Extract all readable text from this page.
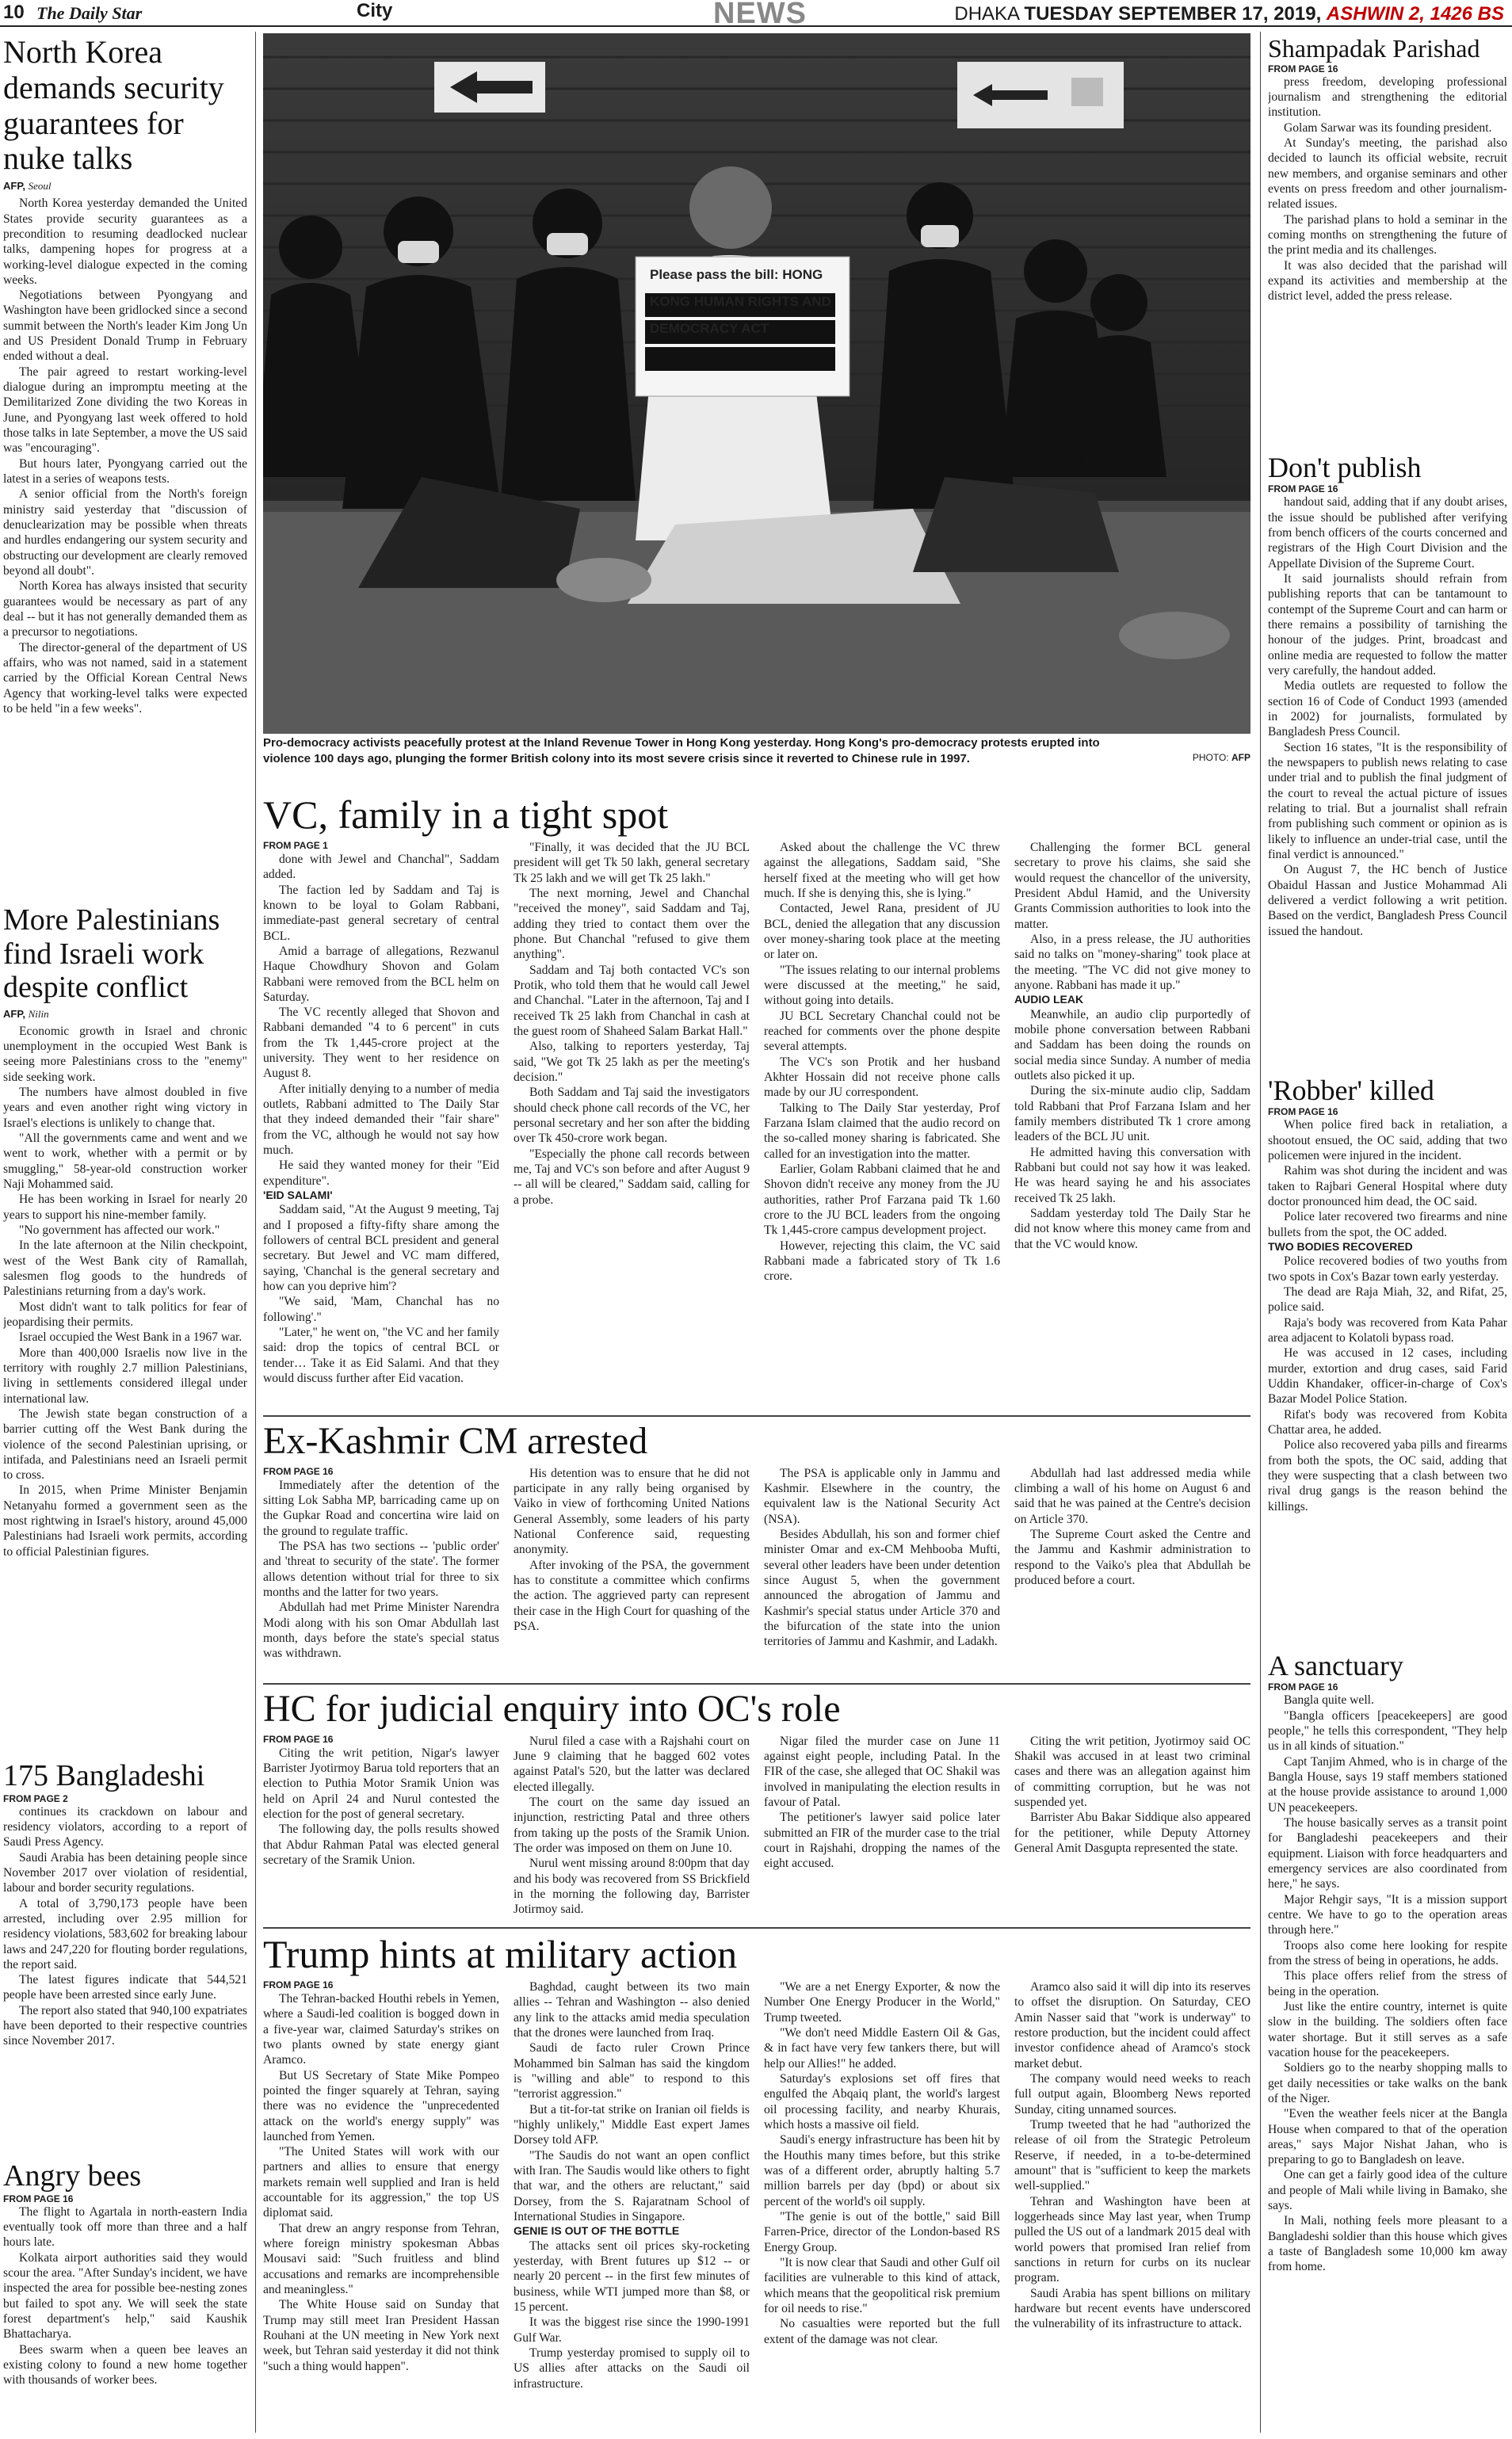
10 The Daily Star	City	NEWS	DHAKA TUESDAY SEPTEMBER 17, 2019, ASHWIN 2, 1426 BS
North Korea demands security guarantees for nuke talks
AFP, Seoul

North Korea yesterday demanded the United States provide security guarantees as a precondition to resuming deadlocked nuclear talks, dampening hopes for progress at a working-level dialogue expected in the coming weeks.

Negotiations between Pyongyang and Washington have been gridlocked since a second summit between the North's leader Kim Jong Un and US President Donald Trump in February ended without a deal.

The pair agreed to restart working-level dialogue during an impromptu meeting at the Demilitarized Zone dividing the two Koreas in June, and Pyongyang last week offered to hold those talks in late September, a move the US said was "encouraging".

But hours later, Pyongyang carried out the latest in a series of weapons tests.

A senior official from the North's foreign ministry said yesterday that "discussion of denuclearization may be possible when threats and hurdles endangering our system security and obstructing our development are clearly removed beyond all doubt".

North Korea has always insisted that security guarantees would be necessary as part of any deal -- but it has not generally demanded them as a precursor to negotiations.

The director-general of the department of US affairs, who was not named, said in a statement carried by the Official Korean Central News Agency that working-level talks were expected to be held "in a few weeks".

More Palestinians find Israeli work despite conflict
AFP, Nilin

Economic growth in Israel and chronic unemployment in the occupied West Bank is seeing more Palestinians cross to the "enemy" side seeking work.

The numbers have almost doubled in five years and even another right wing victory in Israel's elections is unlikely to change that.

"All the governments came and went and we went to work, whether with a permit or by smuggling," 58-year-old construction worker Naji Mohammed said.

He has been working in Israel for nearly 20 years to support his nine-member family.

"No government has affected our work."

In the late afternoon at the Nilin checkpoint, west of the West Bank city of Ramallah, salesmen flog goods to the hundreds of Palestinians returning from a day's work.

Most didn't want to talk politics for fear of jeopardising their permits.

Israel occupied the West Bank in a 1967 war.

More than 400,000 Israelis now live in the territory with roughly 2.7 million Palestinians, living in settlements considered illegal under international law.

The Jewish state began construction of a barrier cutting off the West Bank during the violence of the second Palestinian uprising, or intifada, and Palestinians need an Israeli permit to cross.

In 2015, when Prime Minister Benjamin Netanyahu formed a government seen as the most rightwing in Israel's history, around 45,000 Palestinians had Israeli work permits, according to official Palestinian figures.

175 Bangladeshi
FROM PAGE 2

continues its crackdown on labour and residency violators, according to a report of Saudi Press Agency.

Saudi Arabia has been detaining people since November 2017 over violation of residential, labour and border security regulations.

A total of 3,790,173 people have been arrested, including over 2.95 million for residency violations, 583,602 for breaking labour laws and 247,220 for flouting border regulations, the report said.

The latest figures indicate that 544,521 people have been arrested since early June.

The report also stated that 940,100 expatriates have been deported to their respective countries since November 2017.

Angry bees
FROM PAGE 16

The flight to Agartala in north-eastern India eventually took off more than three and a half hours late.

Kolkata airport authorities said they would scour the area. "After Sunday's incident, we have inspected the area for possible bee-nesting zones but failed to spot any. We will seek the state forest department's help," said Kaushik Bhattacharya.

Bees swarm when a queen bee leaves an existing colony to found a new home together with thousands of worker bees.

Please pass the bill: HONG KONG HUMAN RIGHTS AND DEMOCRACY ACT
Pro-democracy activists peacefully protest at the Inland Revenue Tower in Hong Kong yesterday. Hong Kong's pro-democracy protests erupted into violence 100 days ago, plunging the former British colony into its most severe crisis since it reverted to Chinese rule in 1997.	PHOTO: AFP
VC, family in a tight spot
FROM PAGE 1

done with Jewel and Chanchal", Saddam added.

The faction led by Saddam and Taj is known to be loyal to Golam Rabbani, immediate-past general secretary of central BCL.

Amid a barrage of allegations, Rezwanul Haque Chowdhury Shovon and Golam Rabbani were removed from the BCL helm on Saturday.

The VC recently alleged that Shovon and Rabbani demanded "4 to 6 percent" in cuts from the Tk 1,445-crore project at the university. They went to her residence on August 8.

After initially denying to a number of media outlets, Rabbani admitted to The Daily Star that they indeed demanded their "fair share" from the VC, although he would not say how much.

He said they wanted money for their "Eid expenditure".

'EID SALAMI'

Saddam said, "At the August 9 meeting, Taj and I proposed a fifty-fifty share among the followers of central BCL president and general secretary. But Jewel and VC mam differed, saying, 'Chanchal is the general secretary and how can you deprive him'?

"We said, 'Mam, Chanchal has no following'."

"Later," he went on, "the VC and her family said: drop the topics of central BCL or tender… Take it as Eid Salami. And that they would discuss further after Eid vacation.

"Finally, it was decided that the JU BCL president will get Tk 50 lakh, general secretary Tk 25 lakh and we will get Tk 25 lakh."

The next morning, Jewel and Chanchal "received the money", said Saddam and Taj, adding they tried to contact them over the phone. But Chanchal "refused to give them anything".

Saddam and Taj both contacted VC's son Protik, who told them that he would call Jewel and Chanchal. "Later in the afternoon, Taj and I received Tk 25 lakh from Chanchal in cash at the guest room of Shaheed Salam Barkat Hall."

Also, talking to reporters yesterday, Taj said, "We got Tk 25 lakh as per the meeting's decision."

Both Saddam and Taj said the investigators should check phone call records of the VC, her personal secretary and her son after the bidding over Tk 450-crore work began.

"Especially the phone call records between me, Taj and VC's son before and after August 9 -- all will be cleared," Saddam said, calling for a probe.

Asked about the challenge the VC threw against the allegations, Saddam said, "She herself fixed at the meeting who will get how much. If she is denying this, she is lying."

Contacted, Jewel Rana, president of JU BCL, denied the allegation that any discussion over money-sharing took place at the meeting or later on.

"The issues relating to our internal problems were discussed at the meeting," he said, without going into details.

JU BCL Secretary Chanchal could not be reached for comments over the phone despite several attempts.

The VC's son Protik and her husband Akhter Hossain did not receive phone calls made by our JU correspondent.

Talking to The Daily Star yesterday, Prof Farzana Islam claimed that the audio record on the so-called money sharing is fabricated. She called for an investigation into the matter.

Earlier, Golam Rabbani claimed that he and Shovon didn't receive any money from the JU authorities, rather Prof Farzana paid Tk 1.60 crore to the JU BCL leaders from the ongoing Tk 1,445-crore campus development project.

However, rejecting this claim, the VC said Rabbani made a fabricated story of Tk 1.6 crore.

Challenging the former BCL general secretary to prove his claims, she said she would request the chancellor of the university, President Abdul Hamid, and the University Grants Commission authorities to look into the matter.

Also, in a press release, the JU authorities said no talks on "money-sharing" took place at the meeting. "The VC did not give money to anyone. Rabbani has made it up."

AUDIO LEAK

Meanwhile, an audio clip purportedly of mobile phone conversation between Rabbani and Saddam has been doing the rounds on social media since Sunday. A number of media outlets also picked it up.

During the six-minute audio clip, Saddam told Rabbani that Prof Farzana Islam and her family members distributed Tk 1 crore among leaders of the BCL JU unit.

He admitted having this conversation with Rabbani but could not say how it was leaked. He was heard saying he and his associates received Tk 25 lakh.

Saddam yesterday told The Daily Star he did not know where this money came from and that the VC would know.

Ex-Kashmir CM arrested
FROM PAGE 16

Immediately after the detention of the sitting Lok Sabha MP, barricading came up on the Gupkar Road and concertina wire laid on the ground to regulate traffic.

The PSA has two sections -- 'public order' and 'threat to security of the state'. The former allows detention without trial for three to six months and the latter for two years.

Abdullah had met Prime Minister Narendra Modi along with his son Omar Abdullah last month, days before the state's special status was withdrawn.

His detention was to ensure that he did not participate in any rally being organised by Vaiko in view of forthcoming United Nations General Assembly, some leaders of his party National Conference said, requesting anonymity.

After invoking of the PSA, the government has to constitute a committee which confirms the action. The aggrieved party can represent their case in the High Court for quashing of the PSA.

The PSA is applicable only in Jammu and Kashmir. Elsewhere in the country, the equivalent law is the National Security Act (NSA).

Besides Abdullah, his son and former chief minister Omar and ex-CM Mehbooba Mufti, several other leaders have been under detention since August 5, when the government announced the abrogation of Jammu and Kashmir's special status under Article 370 and the bifurcation of the state into the union territories of Jammu and Kashmir, and Ladakh.

Abdullah had last addressed media while climbing a wall of his home on August 6 and said that he was pained at the Centre's decision on Article 370.

The Supreme Court asked the Centre and the Jammu and Kashmir administration to respond to the Vaiko's plea that Abdullah be produced before a court.

HC for judicial enquiry into OC's role
FROM PAGE 16

Citing the writ petition, Nigar's lawyer Barrister Jyotirmoy Barua told reporters that an election to Puthia Motor Sramik Union was held on April 24 and Nurul contested the election for the post of general secretary.

The following day, the polls results showed that Abdur Rahman Patal was elected general secretary of the Sramik Union.

Nurul filed a case with a Rajshahi court on June 9 claiming that he bagged 602 votes against Patal's 520, but the latter was declared elected illegally.

The court on the same day issued an injunction, restricting Patal and three others from taking up the posts of the Sramik Union. The order was imposed on them on June 10.

Nurul went missing around 8:00pm that day and his body was recovered from SS Brickfield in the morning the following day, Barrister Jotirmoy said.

Nigar filed the murder case on June 11 against eight people, including Patal. In the FIR of the case, she alleged that OC Shakil was involved in manipulating the election results in favour of Patal.

The petitioner's lawyer said police later submitted an FIR of the murder case to the trial court in Rajshahi, dropping the names of the eight accused.

Citing the writ petition, Jyotirmoy said OC Shakil was accused in at least two criminal cases and there was an allegation against him of committing corruption, but he was not suspended yet.

Barrister Abu Bakar Siddique also appeared for the petitioner, while Deputy Attorney General Amit Dasgupta represented the state.

Trump hints at military action
FROM PAGE 16

The Tehran-backed Houthi rebels in Yemen, where a Saudi-led coalition is bogged down in a five-year war, claimed Saturday's strikes on two plants owned by state energy giant Aramco.

But US Secretary of State Mike Pompeo pointed the finger squarely at Tehran, saying there was no evidence the "unprecedented attack on the world's energy supply" was launched from Yemen.

"The United States will work with our partners and allies to ensure that energy markets remain well supplied and Iran is held accountable for its aggression," the top US diplomat said.

That drew an angry response from Tehran, where foreign ministry spokesman Abbas Mousavi said: "Such fruitless and blind accusations and remarks are incomprehensible and meaningless."

The White House said on Sunday that Trump may still meet Iran President Hassan Rouhani at the UN meeting in New York next week, but Tehran said yesterday it did not think "such a thing would happen".

Baghdad, caught between its two main allies -- Tehran and Washington -- also denied any link to the attacks amid media speculation that the drones were launched from Iraq.

Saudi de facto ruler Crown Prince Mohammed bin Salman has said the kingdom is "willing and able" to respond to this "terrorist aggression."

But a tit-for-tat strike on Iranian oil fields is "highly unlikely," Middle East expert James Dorsey told AFP.

"The Saudis do not want an open conflict with Iran. The Saudis would like others to fight that war, and the others are reluctant," said Dorsey, from the S. Rajaratnam School of International Studies in Singapore.

GENIE IS OUT OF THE BOTTLE

The attacks sent oil prices sky-rocketing yesterday, with Brent futures up $12 -- or nearly 20 percent -- in the first few minutes of business, while WTI jumped more than $8, or 15 percent.

It was the biggest rise since the 1990-1991 Gulf War.

Trump yesterday promised to supply oil to US allies after attacks on the Saudi oil infrastructure.

"We are a net Energy Exporter, & now the Number One Energy Producer in the World," Trump tweeted.

"We don't need Middle Eastern Oil & Gas, & in fact have very few tankers there, but will help our Allies!" he added.

Saturday's explosions set off fires that engulfed the Abqaiq plant, the world's largest oil processing facility, and nearby Khurais, which hosts a massive oil field.

Saudi's energy infrastructure has been hit by the Houthis many times before, but this strike was of a different order, abruptly halting 5.7 million barrels per day (bpd) or about six percent of the world's oil supply.

"The genie is out of the bottle," said Bill Farren-Price, director of the London-based RS Energy Group.

"It is now clear that Saudi and other Gulf oil facilities are vulnerable to this kind of attack, which means that the geopolitical risk premium for oil needs to rise."

No casualties were reported but the full extent of the damage was not clear.

Aramco also said it will dip into its reserves to offset the disruption. On Saturday, CEO Amin Nasser said that "work is underway" to restore production, but the incident could affect investor confidence ahead of Aramco's stock market debut.

The company would need weeks to reach full output again, Bloomberg News reported Sunday, citing unnamed sources.

Trump tweeted that he had "authorized the release of oil from the Strategic Petroleum Reserve, if needed, in a to-be-determined amount" that is "sufficient to keep the markets well-supplied."

Tehran and Washington have been at loggerheads since May last year, when Trump pulled the US out of a landmark 2015 deal with world powers that promised Iran relief from sanctions in return for curbs on its nuclear program.

Saudi Arabia has spent billions on military hardware but recent events have underscored the vulnerability of its infrastructure to attack.

Shampadak Parishad
FROM PAGE 16

press freedom, developing professional journalism and strengthening the editorial institution.

Golam Sarwar was its founding president.

At Sunday's meeting, the parishad also decided to launch its official website, recruit new members, and organise seminars and other events on press freedom and other journalism-related issues.

The parishad plans to hold a seminar in the coming months on strengthening the future of the print media and its challenges.

It was also decided that the parishad will expand its activities and membership at the district level, added the press release.

Don't publish
FROM PAGE 16

handout said, adding that if any doubt arises, the issue should be published after verifying from bench officers of the courts concerned and registrars of the High Court Division and the Appellate Division of the Supreme Court.

It said journalists should refrain from publishing reports that can be tantamount to contempt of the Supreme Court and can harm or there remains a possibility of tarnishing the honour of the judges. Print, broadcast and online media are requested to follow the matter very carefully, the handout added.

Media outlets are requested to follow the section 16 of Code of Conduct 1993 (amended in 2002) for journalists, formulated by Bangladesh Press Council.

Section 16 states, "It is the responsibility of the newspapers to publish news relating to case under trial and to publish the final judgment of the court to reveal the actual picture of issues relating to trial. But a journalist shall refrain from publishing such comment or opinion as is likely to influence an under-trial case, until the final verdict is announced."

On August 7, the HC bench of Justice Obaidul Hassan and Justice Mohammad Ali delivered a verdict following a writ petition. Based on the verdict, Bangladesh Press Council issued the handout.

'Robber' killed
FROM PAGE 16

When police fired back in retaliation, a shootout ensued, the OC said, adding that two policemen were injured in the incident.

Rahim was shot during the incident and was taken to Rajbari General Hospital where duty doctor pronounced him dead, the OC said.

Police later recovered two firearms and nine bullets from the spot, the OC added.

TWO BODIES RECOVERED

Police recovered bodies of two youths from two spots in Cox's Bazar town early yesterday.

The dead are Raja Miah, 32, and Rifat, 25, police said.

Raja's body was recovered from Kata Pahar area adjacent to Kolatoli bypass road.

He was accused in 12 cases, including murder, extortion and drug cases, said Farid Uddin Khandaker, officer-in-charge of Cox's Bazar Model Police Station.

Rifat's body was recovered from Kobita Chattar area, he added.

Police also recovered yaba pills and firearms from both the spots, the OC said, adding that they were suspecting that a clash between two rival drug gangs is the reason behind the killings.

A sanctuary
FROM PAGE 16

Bangla quite well.

"Bangla officers [peacekeepers] are good people," he tells this correspondent, "They help us in all kinds of situation."

Capt Tanjim Ahmed, who is in charge of the Bangla House, says 19 staff members stationed at the house provide assistance to around 1,000 UN peacekeepers.

The house basically serves as a transit point for Bangladeshi peacekeepers and their equipment. Liaison with force headquarters and emergency services are also coordinated from here," he says.

Major Rehgir says, "It is a mission support centre. We have to go to the operation areas through here."

Troops also come here looking for respite from the stress of being in operations, he adds.

This place offers relief from the stress of being in the operation.

Just like the entire country, internet is quite slow in the building. The soldiers often face water shortage. But it still serves as a safe vacation house for the peacekeepers.

Soldiers go to the nearby shopping malls to get daily necessities or take walks on the bank of the Niger.

"Even the weather feels nicer at the Bangla House when compared to that of the operation areas," says Major Nishat Jahan, who is preparing to go to Bangladesh on leave.

One can get a fairly good idea of the culture and people of Mali while living in Bamako, she says.

In Mali, nothing feels more pleasant to a Bangladeshi soldier than this house which gives a taste of Bangladesh some 10,000 km away from home.
